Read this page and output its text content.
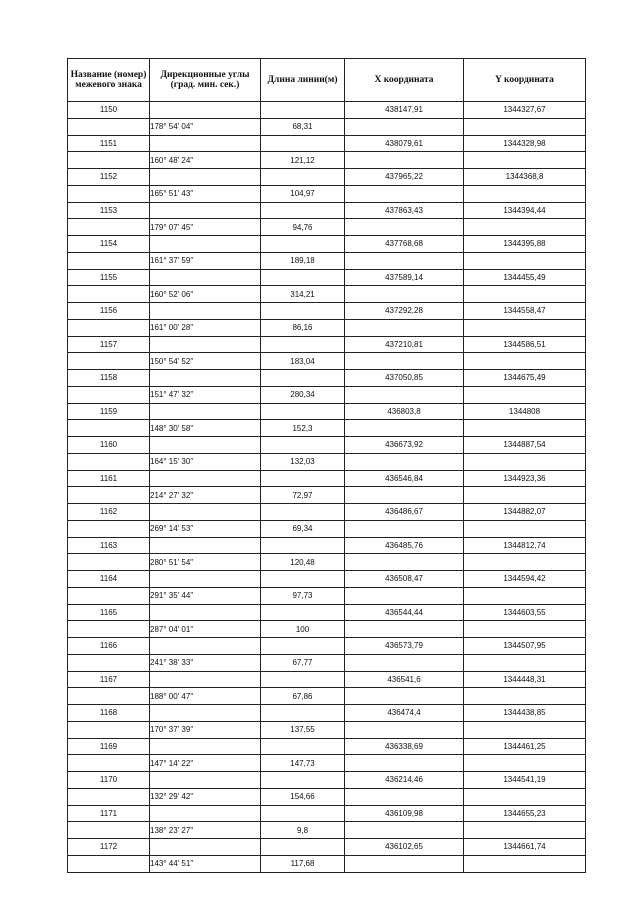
Название (номер) межевого знака	Дирекционные углы (град. мин. сек.)	Длина линии(м)	X координата	Y координата
1150			438147,91	1344327,67
	178° 54' 04"	68,31		
1151			438079,61	1344328,98
	160° 48' 24"	121,12		
1152			437965,22	1344368,8
	165° 51' 43"	104,97		
1153			437863,43	1344394,44
	179° 07' 45"	94,76		
1154			437768,68	1344395,88
	161° 37' 59"	189,18		
1155			437589,14	1344455,49
	160° 52' 06"	314,21		
1156			437292,28	1344558,47
	161° 00' 28"	86,16		
1157			437210,81	1344586,51
	150° 54' 52"	183,04		
1158			437050,85	1344675,49
	151° 47' 32"	280,34		
1159			436803,8	1344808
	148° 30' 58"	152,3		
1160			436673,92	1344887,54
	164° 15' 30"	132,03		
1161			436546,84	1344923,36
	214° 27' 32"	72,97		
1162			436486,67	1344882,07
	269° 14' 53"	69,34		
1163			436485,76	1344812,74
	280° 51' 54"	120,48		
1164			436508,47	1344594,42
	291° 35' 44"	97,73		
1165			436544,44	1344603,55
	287° 04' 01"	100		
1166			436573,79	1344507,95
	241° 38' 33"	67,77		
1167			436541,6	1344448,31
	188° 00' 47"	67,86		
1168			436474,4	1344438,85
	170° 37' 39"	137,55		
1169			436338,69	1344461,25
	147° 14' 22"	147,73		
1170			436214,46	1344541,19
	132° 29' 42"	154,66		
1171			436109,98	1344655,23
	138° 23' 27"	9,8		
1172			436102,65	1344661,74
	143° 44' 51"	117,68		
